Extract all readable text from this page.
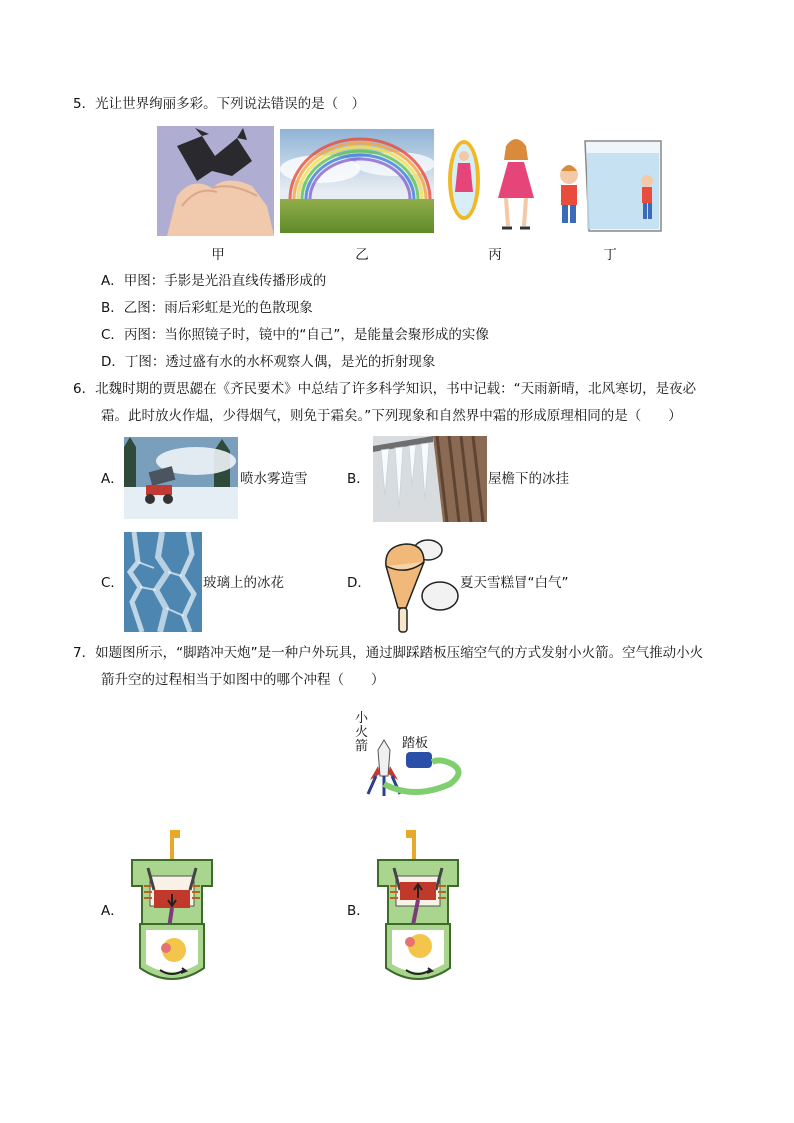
5．光让世界绚丽多彩。下列说法错误的是（　）
甲	乙	丙	丁
A．甲图：手影是光沿直线传播形成的
B．乙图：雨后彩虹是光的色散现象
C．丙图：当你照镜子时，镜中的“自己”，是能量会聚形成的实像
D．丁图：透过盛有水的水杯观察人偶，是光的折射现象
6．北魏时期的贾思勰在《齐民要术》中总结了许多科学知识，书中记载：“天雨新晴，北风寒切，是夜必
霜。此时放火作煴，少得烟气，则免于霜矣。”下列现象和自然界中霜的形成原理相同的是（　　）
A．	喷水雾造雪	B．	屋檐下的冰挂
C．	玻璃上的冰花	D．	夏天雪糕冒“白气”
7．如题图所示，“脚踏冲天炮”是一种户外玩具，通过脚踩踏板压缩空气的方式发射小火箭。空气推动小火
箭升空的过程相当于如图中的哪个冲程（　　）
小火箭	踏板
A．	B．
